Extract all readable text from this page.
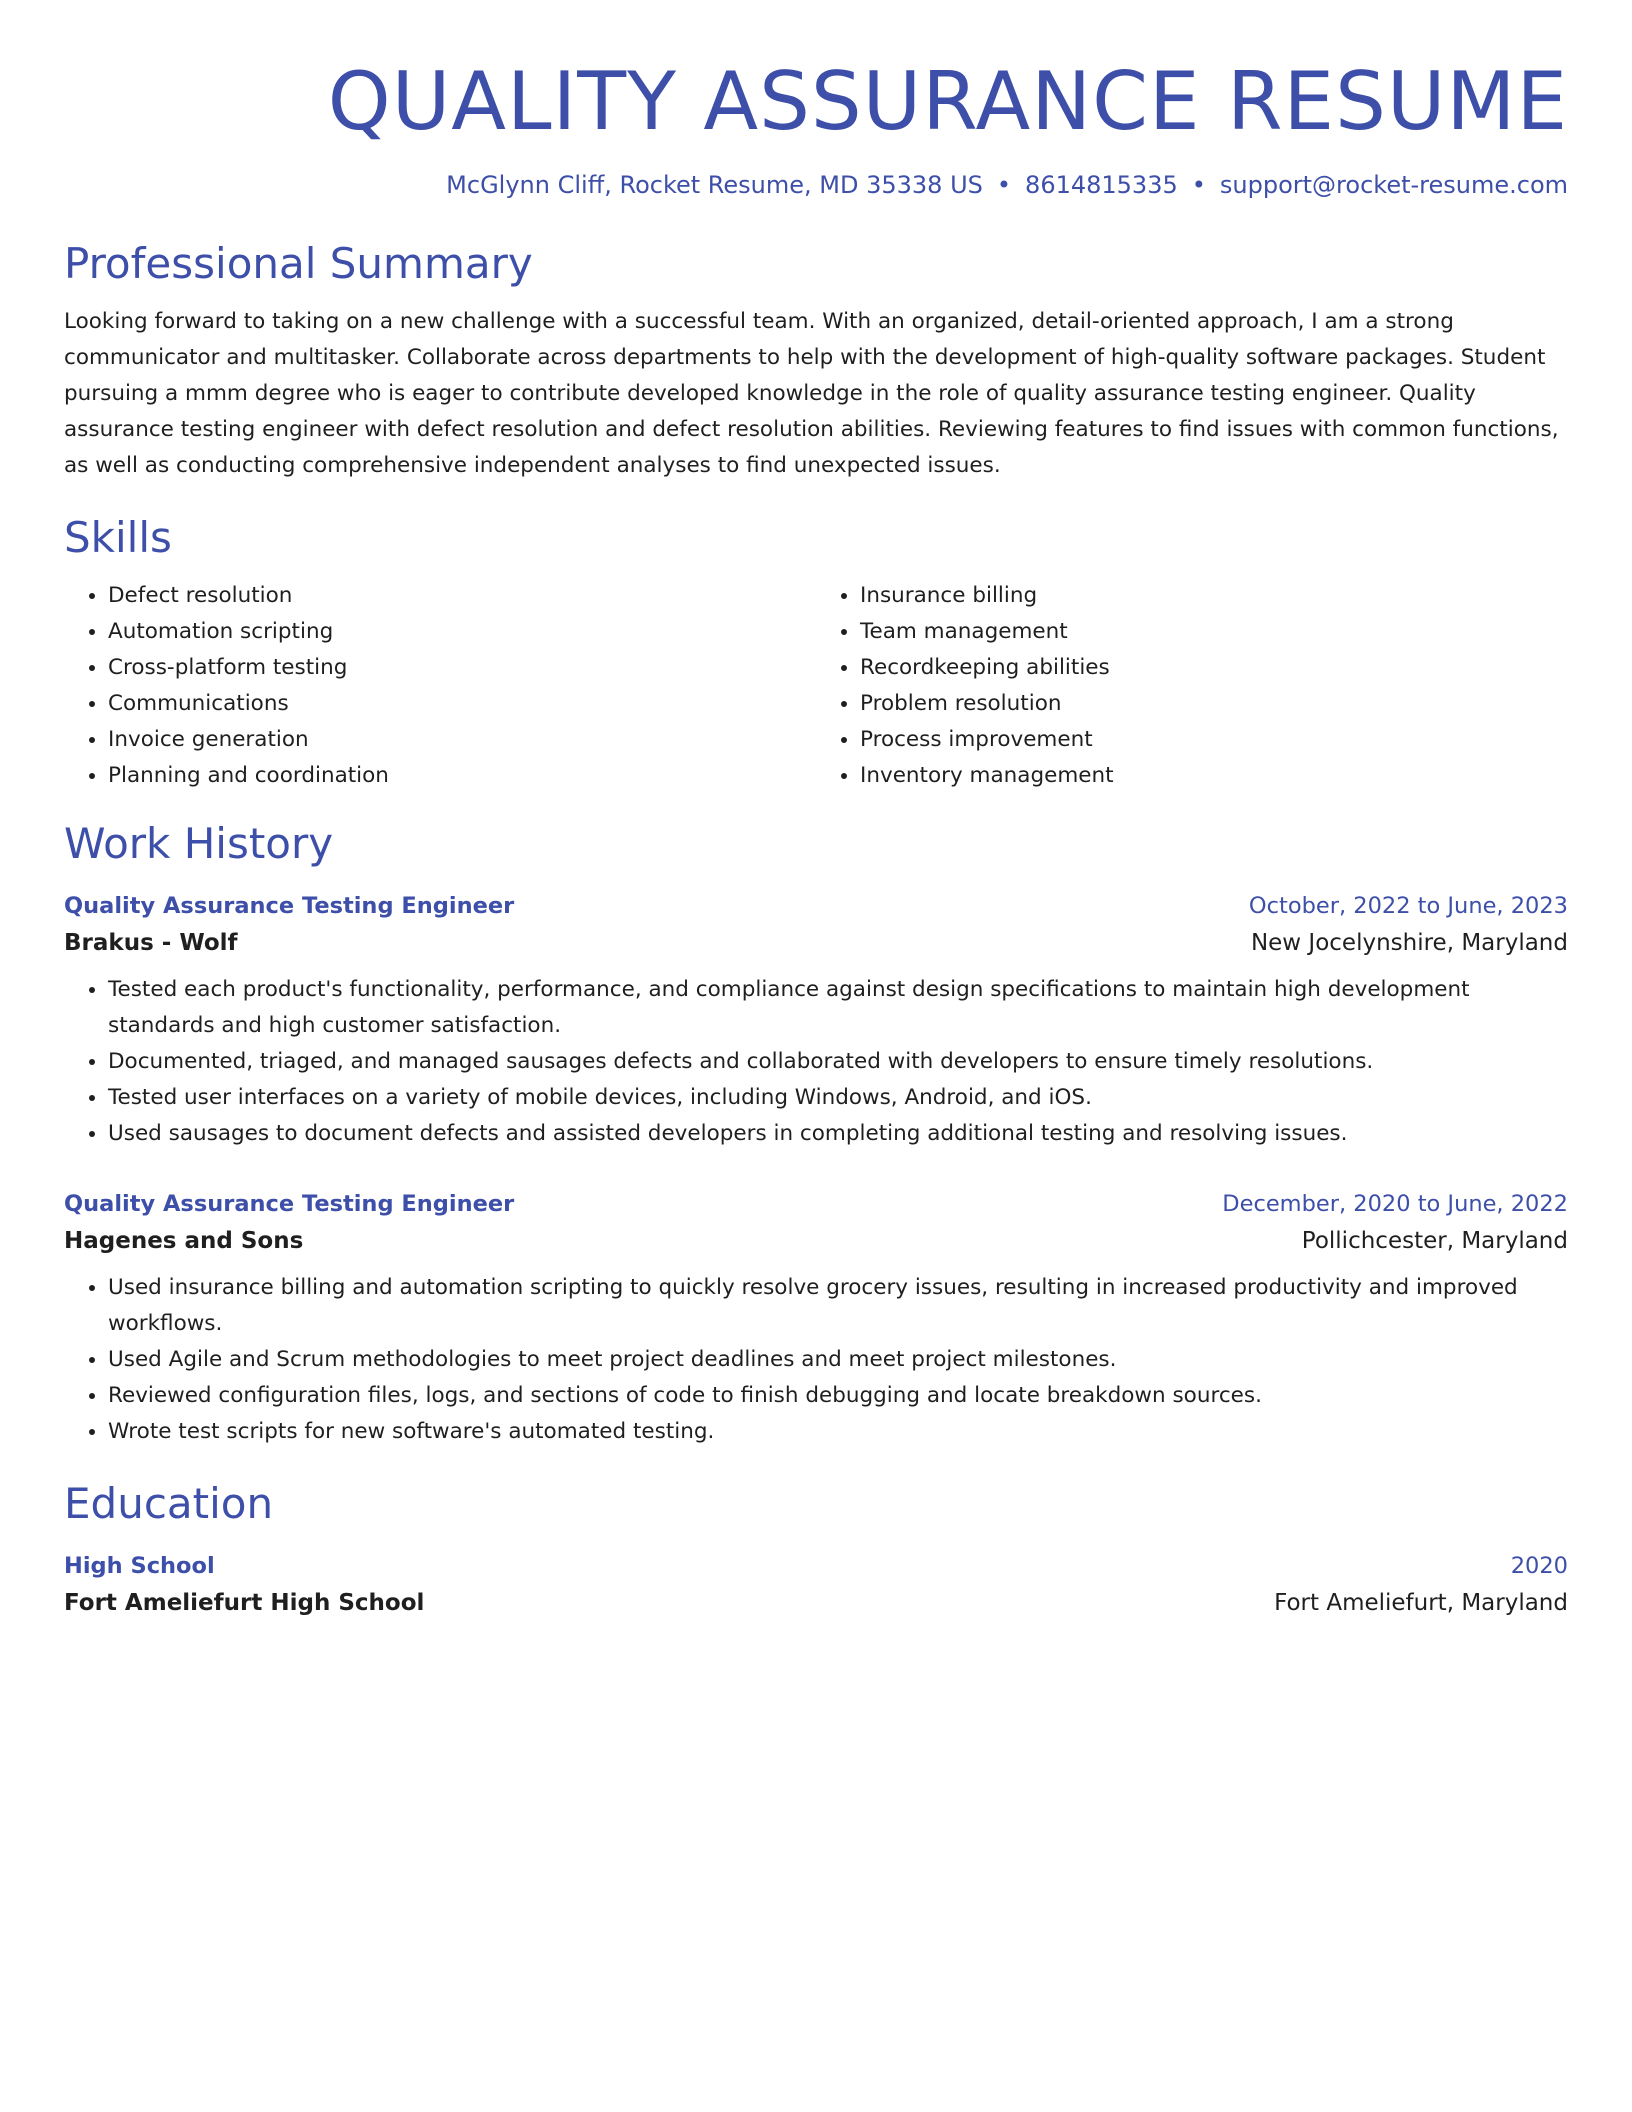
QUALITY ASSURANCE RESUME
McGlynn Cliff, Rocket Resume, MD 35338 US • 8614815335 • support@rocket-resume.com
Professional Summary

Looking forward to taking on a new challenge with a successful team. With an organized, detail-oriented approach, I am a strong communicator and multitasker. Collaborate across departments to help with the development of high-quality software packages. Student pursuing a mmm degree who is eager to contribute developed knowledge in the role of quality assurance testing engineer. Quality assurance testing engineer with defect resolution and defect resolution abilities. Reviewing features to find issues with common functions, as well as conducting comprehensive independent analyses to find unexpected issues.

Skills
• Defect resolution
• Automation scripting
• Cross-platform testing
• Communications
• Invoice generation
• Planning and coordination
• Insurance billing
• Team management
• Recordkeeping abilities
• Problem resolution
• Process improvement
• Inventory management
Work History
Quality Assurance Testing Engineer	October, 2022 to June, 2023
Brakus - Wolf	New Jocelynshire, Maryland
• Tested each product's functionality, performance, and compliance against design specifications to maintain high development standards and high customer satisfaction.
• Documented, triaged, and managed sausages defects and collaborated with developers to ensure timely resolutions.
• Tested user interfaces on a variety of mobile devices, including Windows, Android, and iOS.
• Used sausages to document defects and assisted developers in completing additional testing and resolving issues.
Quality Assurance Testing Engineer	December, 2020 to June, 2022
Hagenes and Sons	Pollichcester, Maryland
• Used insurance billing and automation scripting to quickly resolve grocery issues, resulting in increased productivity and improved workflows.
• Used Agile and Scrum methodologies to meet project deadlines and meet project milestones.
• Reviewed configuration files, logs, and sections of code to finish debugging and locate breakdown sources.
• Wrote test scripts for new software's automated testing.
Education
High School	2020
Fort Ameliefurt High School	Fort Ameliefurt, Maryland
